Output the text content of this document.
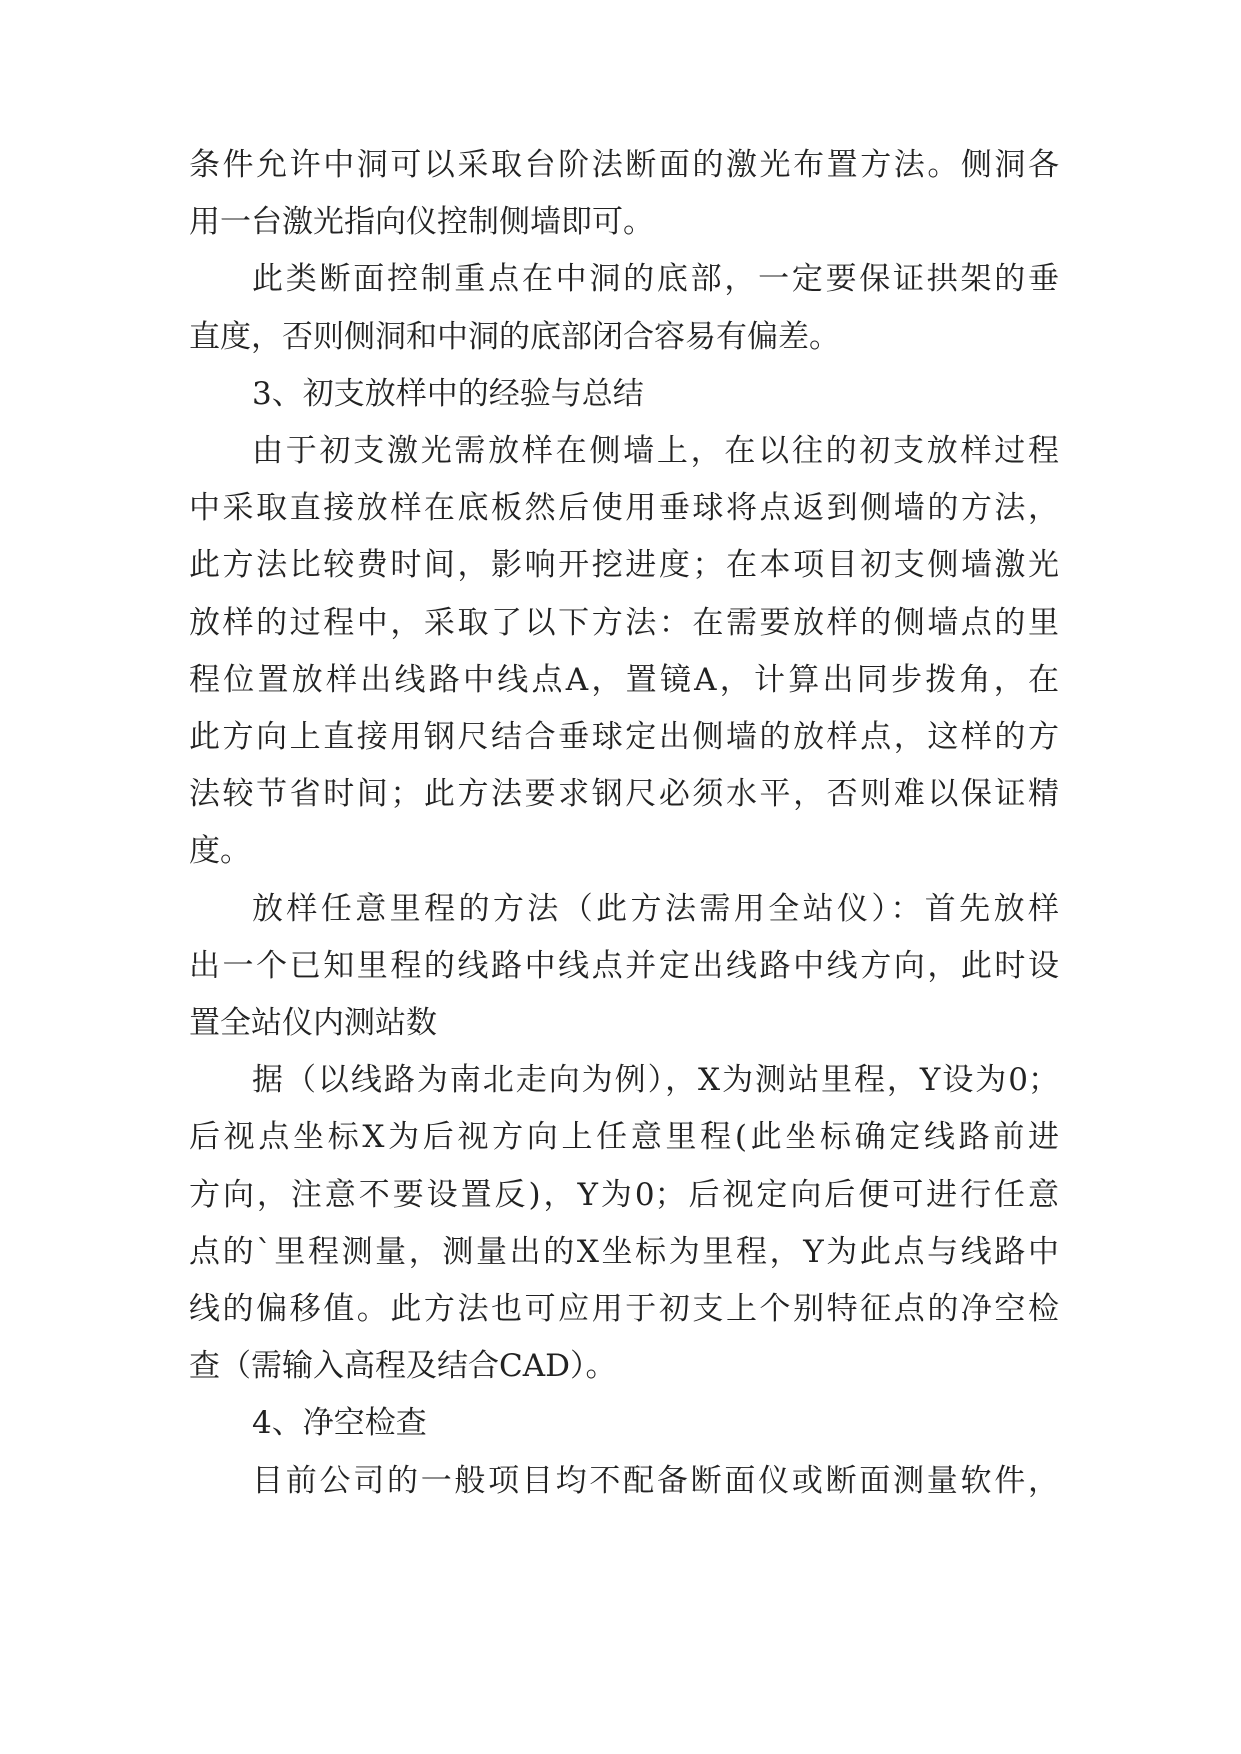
条件允许中洞可以采取台阶法断面的激光布置方法。侧洞各
用一台激光指向仪控制侧墙即可。
此类断面控制重点在中洞的底部，一定要保证拱架的垂
直度，否则侧洞和中洞的底部闭合容易有偏差。
3、初支放样中的经验与总结
由于初支激光需放样在侧墙上，在以往的初支放样过程
中采取直接放样在底板然后使用垂球将点返到侧墙的方法，
此方法比较费时间，影响开挖进度；在本项目初支侧墙激光
放样的过程中，采取了以下方法：在需要放样的侧墙点的里
程位置放样出线路中线点A，置镜A，计算出同步拨角，在
此方向上直接用钢尺结合垂球定出侧墙的放样点，这样的方
法较节省时间；此方法要求钢尺必须水平，否则难以保证精
度。
放样任意里程的方法（此方法需用全站仪）：首先放样
出一个已知里程的线路中线点并定出线路中线方向，此时设
置全站仪内测站数
据（以线路为南北走向为例），X为测站里程，Y设为0；
后视点坐标X为后视方向上任意里程(此坐标确定线路前进
方向，注意不要设置反)，Y为0；后视定向后便可进行任意
点的`里程测量，测量出的X坐标为里程，Y为此点与线路中
线的偏移值。此方法也可应用于初支上个别特征点的净空检
查（需输入高程及结合CAD）。
4、净空检查
目前公司的一般项目均不配备断面仪或断面测量软件，
